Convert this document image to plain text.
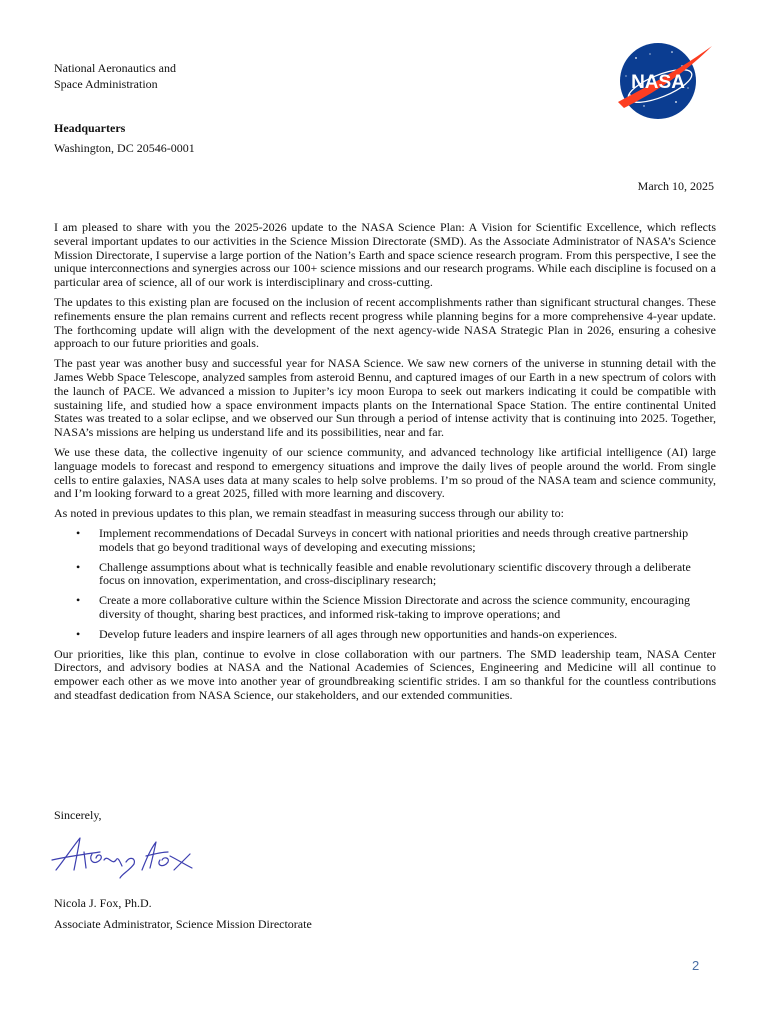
National Aeronautics and
Space Administration
Headquarters
Washington, DC 20546-0001
NASA
March 10, 2025

I am pleased to share with you the 2025-2026 update to the NASA Science Plan: A Vision for Scientific Excellence, which reflects several important updates to our activities in the Science Mission Directorate (SMD). As the Associate Administrator of NASA’s Science Mission Directorate, I supervise a large portion of the Nation’s Earth and space science research program. From this perspective, I see the unique interconnections and synergies across our 100+ science missions and our research programs. While each discipline is focused on a particular area of science, all of our work is interdisciplinary and cross-cutting.

The updates to this existing plan are focused on the inclusion of recent accomplishments rather than significant structural changes. These refinements ensure the plan remains current and reflects recent progress while planning begins for a more comprehensive 4-year update. The forthcoming update will align with the development of the next agency-wide NASA Strategic Plan in 2026, ensuring a cohesive approach to our future priorities and goals.

The past year was another busy and successful year for NASA Science. We saw new corners of the universe in stunning detail with the James Webb Space Telescope, analyzed samples from asteroid Bennu, and captured images of our Earth in a new spectrum of colors with the launch of PACE. We advanced a mission to Jupiter’s icy moon Europa to seek out markers indicating it could be compatible with sustaining life, and studied how a space environment impacts plants on the International Space Station. The entire continental United States was treated to a solar eclipse, and we observed our Sun through a period of intense activity that is continuing into 2025. Together, NASA’s missions are helping us understand life and its possibilities, near and far.

We use these data, the collective ingenuity of our science community, and advanced technology like artificial intelligence (AI) large language models to forecast and respond to emergency situations and improve the daily lives of people around the world. From single cells to entire galaxies, NASA uses data at many scales to help solve problems. I’m so proud of the NASA team and science community, and I’m looking forward to a great 2025, filled with more learning and discovery.

As noted in previous updates to this plan, we remain steadfast in measuring success through our ability to:

• Implement recommendations of Decadal Surveys in concert with national priorities and needs through creative partnership models that go beyond traditional ways of developing and executing missions;
• Challenge assumptions about what is technically feasible and enable revolutionary scientific discovery through a deliberate focus on innovation, experimentation, and cross-disciplinary research;
• Create a more collaborative culture within the Science Mission Directorate and across the science community, encouraging diversity of thought, sharing best practices, and informed risk-taking to improve operations; and
• Develop future leaders and inspire learners of all ages through new opportunities and hands-on experiences.

Our priorities, like this plan, continue to evolve in close collaboration with our partners. The SMD leadership team, NASA Center Directors, and advisory bodies at NASA and the National Academies of Sciences, Engineering and Medicine will all continue to empower each other as we move into another year of groundbreaking scientific strides. I am so thankful for the countless contributions and steadfast dedication from NASA Science, our stakeholders, and our extended communities.

Sincerely,
Nicola J. Fox, Ph.D.
Associate Administrator, Science Mission Directorate
2
